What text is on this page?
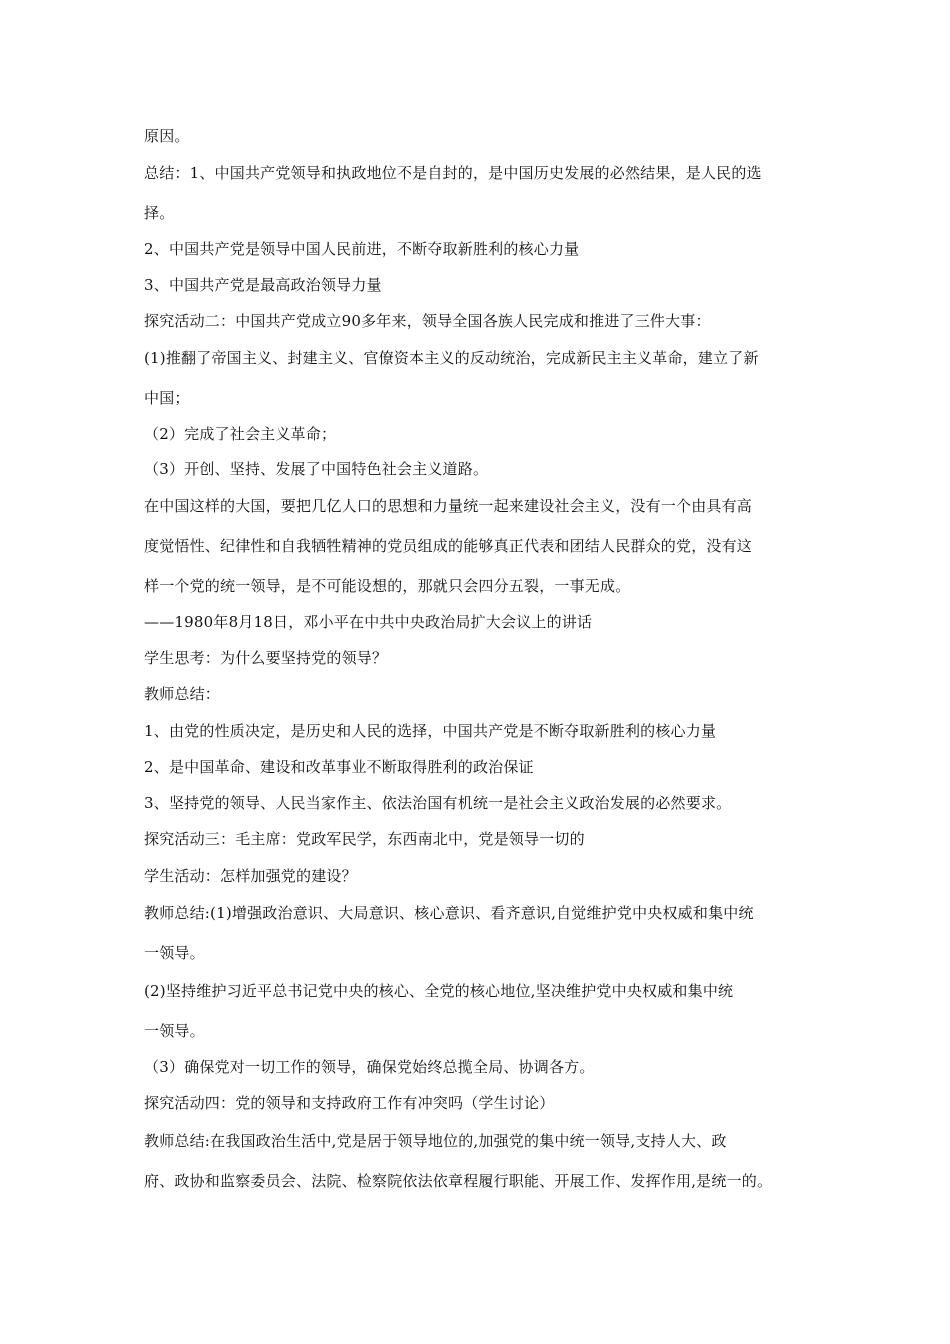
原因。
总结：1、中国共产党领导和执政地位不是自封的，是中国历史发展的必然结果，是人民的选
择。
2、中国共产党是领导中国人民前进，不断夺取新胜利的核心力量
3、中国共产党是最高政治领导力量
探究活动二：中国共产党成立90多年来，领导全国各族人民完成和推进了三件大事：
(1)推翻了帝国主义、封建主义、官僚资本主义的反动统治，完成新民主主义革命，建立了新
中国；
（2）完成了社会主义革命；
（3）开创、坚持、发展了中国特色社会主义道路。
在中国这样的大国，要把几亿人口的思想和力量统一起来建设社会主义，没有一个由具有高
度觉悟性、纪律性和自我牺牲精神的党员组成的能够真正代表和团结人民群众的党，没有这
样一个党的统一领导，是不可能设想的，那就只会四分五裂，一事无成。
——1980年8月18日，邓小平在中共中央政治局扩大会议上的讲话
学生思考：为什么要坚持党的领导？
教师总结：
1、由党的性质决定，是历史和人民的选择，中国共产党是不断夺取新胜利的核心力量
2、是中国革命、建设和改革事业不断取得胜利的政治保证
3、坚持党的领导、人民当家作主、依法治国有机统一是社会主义政治发展的必然要求。
探究活动三：毛主席：党政军民学，东西南北中，党是领导一切的
学生活动：怎样加强党的建设？
教师总结:(1)增强政治意识、大局意识、核心意识、看齐意识,自觉维护党中央权威和集中统
一领导。
(2)坚持维护习近平总书记党中央的核心、全党的核心地位,坚决维护党中央权威和集中统
一领导。
（3）确保党对一切工作的领导，确保党始终总揽全局、协调各方。
探究活动四：党的领导和支持政府工作有冲突吗（学生讨论）
教师总结:在我国政治生活中,党是居于领导地位的,加强党的集中统一领导,支持人大、政
府、政协和监察委员会、法院、检察院依法依章程履行职能、开展工作、发挥作用,是统一的。
